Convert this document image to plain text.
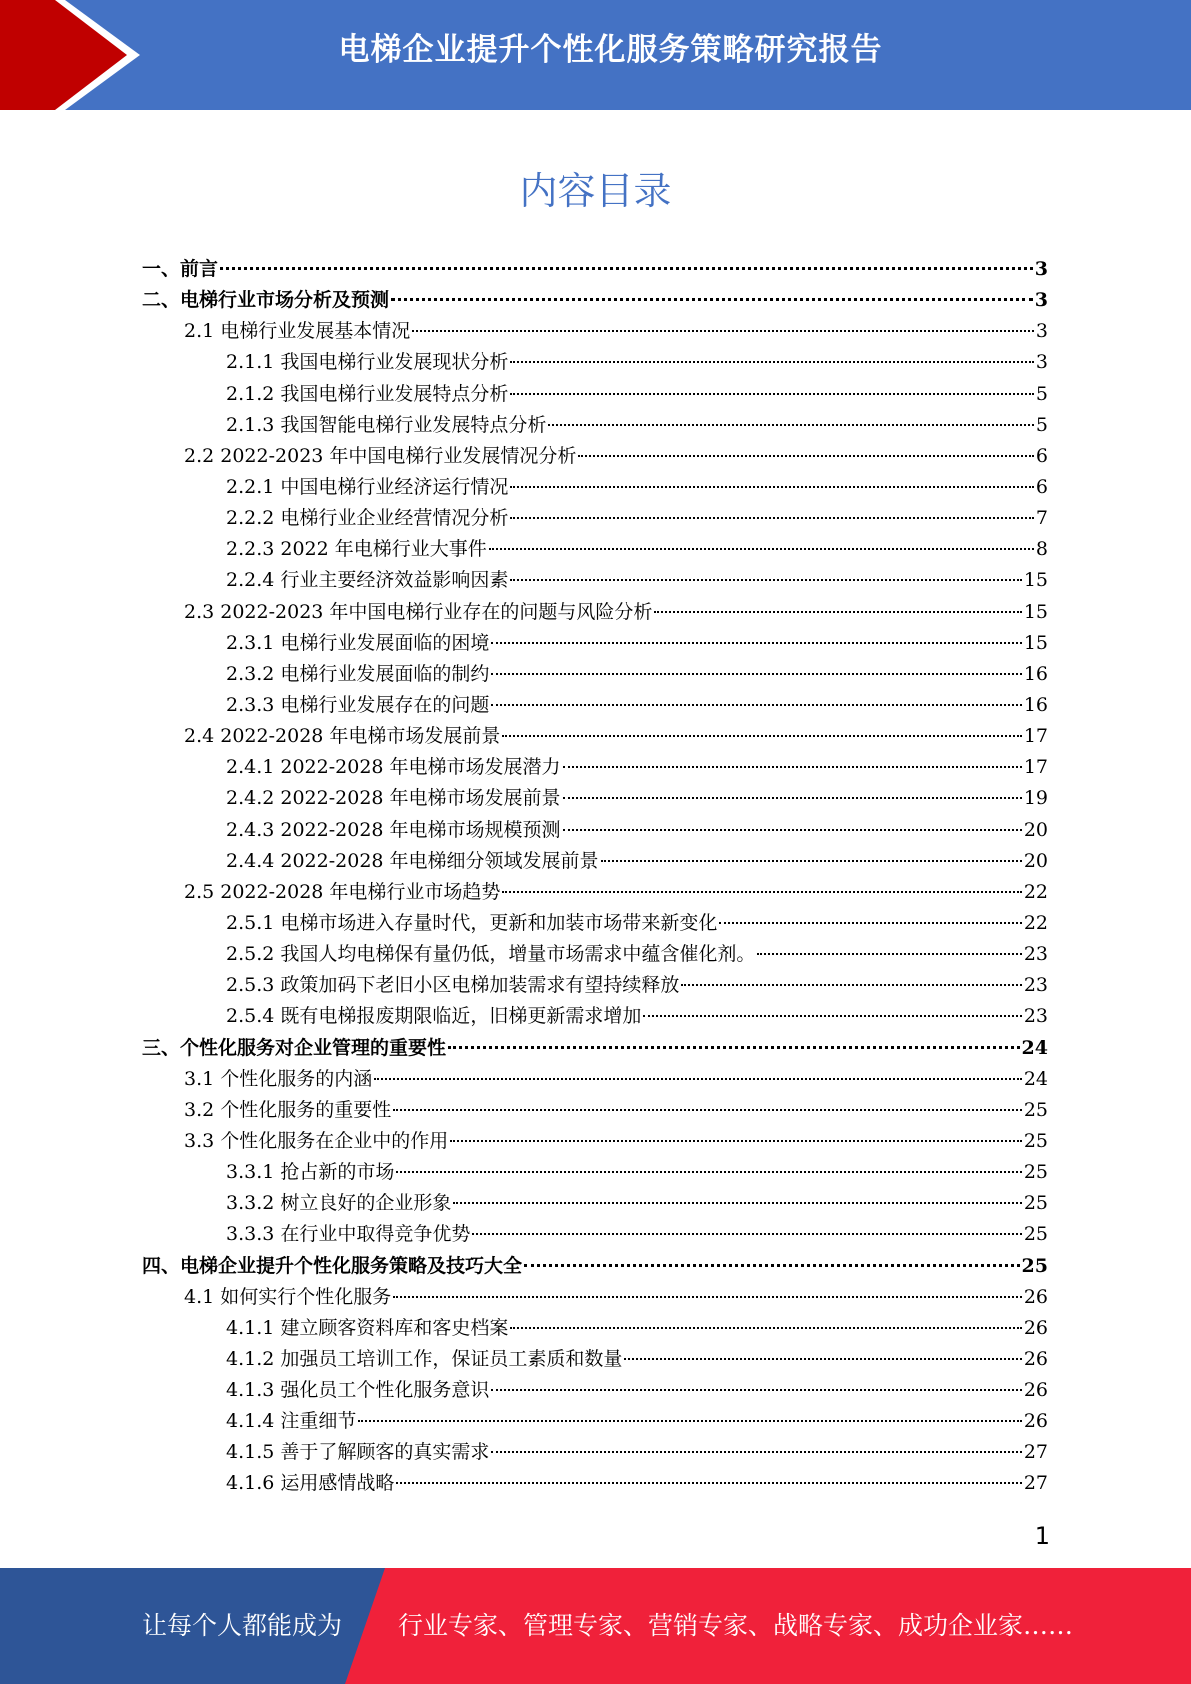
电梯企业提升个性化服务策略研究报告
内容目录
一、前言	3
二、电梯行业市场分析及预测	3
2.1 电梯行业发展基本情况	3
2.1.1 我国电梯行业发展现状分析	3
2.1.2 我国电梯行业发展特点分析	5
2.1.3 我国智能电梯行业发展特点分析	5
2.2 2022-2023 年中国电梯行业发展情况分析	6
2.2.1 中国电梯行业经济运行情况	6
2.2.2 电梯行业企业经营情况分析	7
2.2.3 2022 年电梯行业大事件	8
2.2.4 行业主要经济效益影响因素	15
2.3 2022-2023 年中国电梯行业存在的问题与风险分析	15
2.3.1 电梯行业发展面临的困境	15
2.3.2 电梯行业发展面临的制约	16
2.3.3 电梯行业发展存在的问题	16
2.4 2022-2028 年电梯市场发展前景	17
2.4.1 2022-2028 年电梯市场发展潜力	17
2.4.2 2022-2028 年电梯市场发展前景	19
2.4.3 2022-2028 年电梯市场规模预测	20
2.4.4 2022-2028 年电梯细分领域发展前景	20
2.5 2022-2028 年电梯行业市场趋势	22
2.5.1 电梯市场进入存量时代，更新和加装市场带来新变化	22
2.5.2 我国人均电梯保有量仍低，增量市场需求中蕴含催化剂。	23
2.5.3 政策加码下老旧小区电梯加装需求有望持续释放	23
2.5.4 既有电梯报废期限临近，旧梯更新需求增加	23
三、个性化服务对企业管理的重要性	24
3.1 个性化服务的内涵	24
3.2 个性化服务的重要性	25
3.3 个性化服务在企业中的作用	25
3.3.1 抢占新的市场	25
3.3.2 树立良好的企业形象	25
3.3.3 在行业中取得竞争优势	25
四、电梯企业提升个性化服务策略及技巧大全	25
4.1 如何实行个性化服务	26
4.1.1 建立顾客资料库和客史档案	26
4.1.2 加强员工培训工作，保证员工素质和数量	26
4.1.3 强化员工个性化服务意识	26
4.1.4 注重细节	26
4.1.5 善于了解顾客的真实需求	27
4.1.6 运用感情战略	27
1
让每个人都能成为 行业专家、管理专家、营销专家、战略专家、成功企业家……
